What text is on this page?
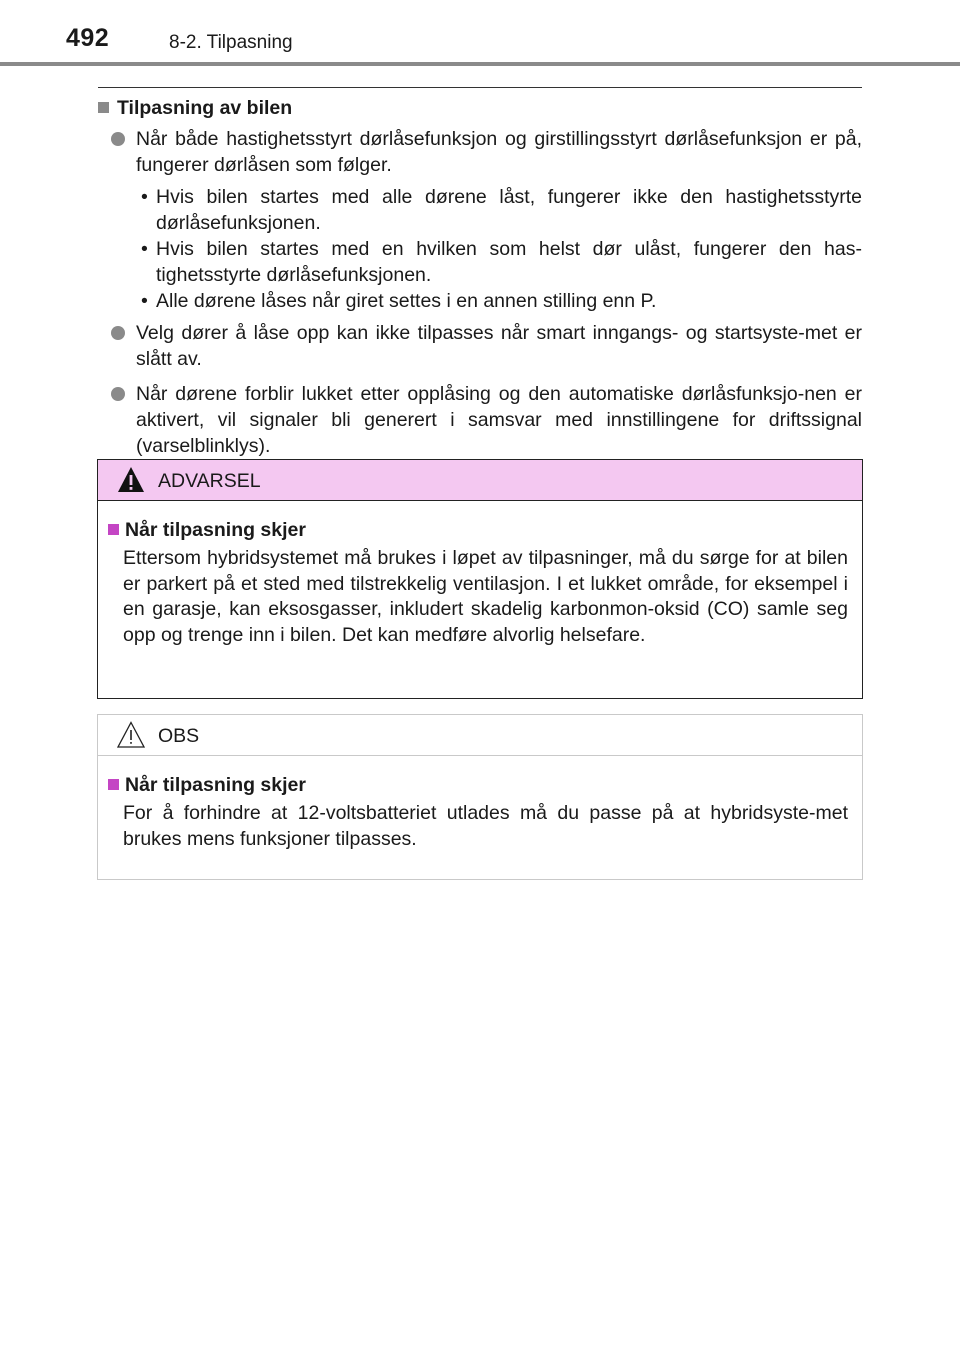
492	8-2. Tilpasning
Tilpasning av bilen
Når både hastighetsstyrt dørlåsefunksjon og girstillingsstyrt dørlåsefunksjon er på, fungerer dørlåsen som følger.
• Hvis bilen startes med alle dørene låst, fungerer ikke den hastighetsstyrte dørlåsefunksjonen.
• Hvis bilen startes med en hvilken som helst dør ulåst, fungerer den has-tighetsstyrte dørlåsefunksjonen.
• Alle dørene låses når giret settes i en annen stilling enn P.
Velg dører å låse opp kan ikke tilpasses når smart inngangs- og startsyste-met er slått av.
Når dørene forblir lukket etter opplåsing og den automatiske dørlåsfunksjo-nen er aktivert, vil signaler bli generert i samsvar med innstillingene for driftssignal (varselblinklys).
ADVARSEL
Når tilpasning skjer
Ettersom hybridsystemet må brukes i løpet av tilpasninger, må du sørge for at bilen er parkert på et sted med tilstrekkelig ventilasjon. I et lukket område, for eksempel i en garasje, kan eksosgasser, inkludert skadelig karbonmon-oksid (CO) samle seg opp og trenge inn i bilen. Det kan medføre alvorlig helsefare.
OBS
Når tilpasning skjer
For å forhindre at 12-voltsbatteriet utlades må du passe på at hybridsyste-met brukes mens funksjoner tilpasses.
